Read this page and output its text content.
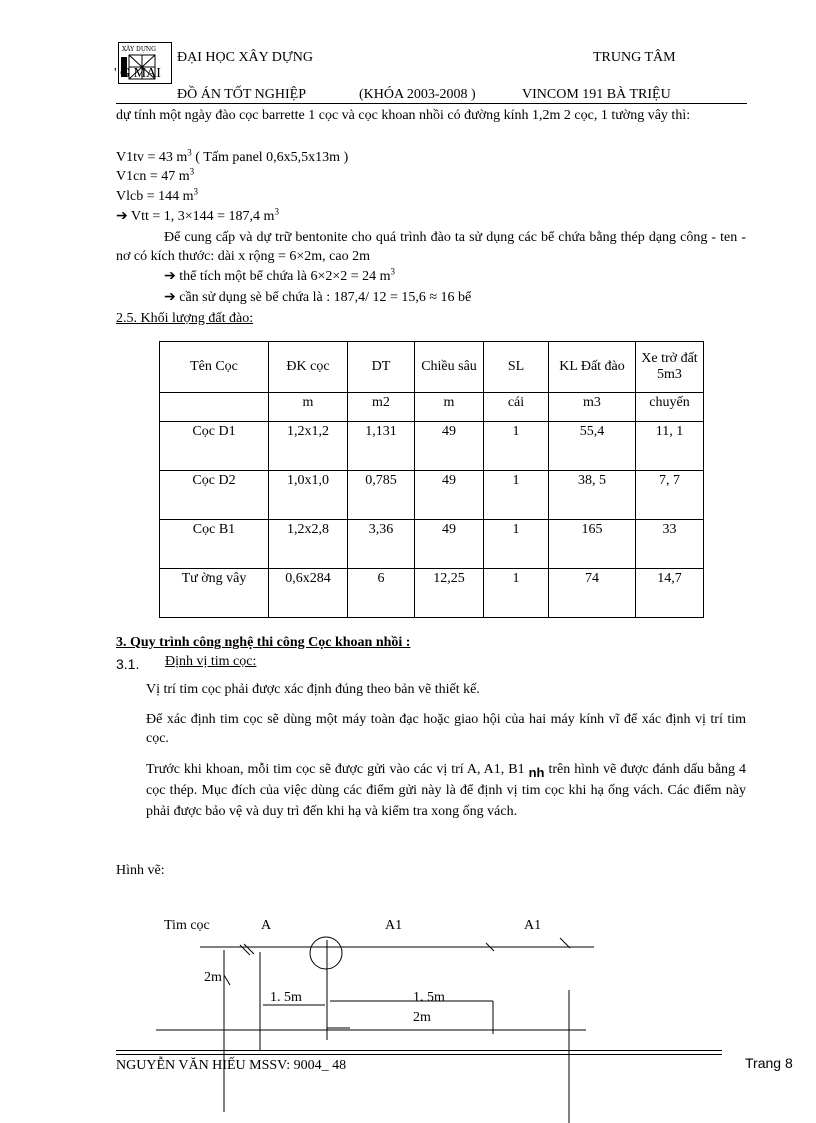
XÂY DỰNG
ĐẠI HỌC XÂY DỰNG
' G MẠI
TRUNG TÂM
ĐỒ ÁN TỐT NGHIỆP	(KHÓA 2003-2008 )	VINCOM 191 BÀ TRIỆU
dự tính một ngày đào cọc barrette 1 cọc và cọc khoan nhồi có đường kính 1,2m 2 cọc, 1 tường vây thì:
V1tv = 43 $m^3$ ( Tấm panel 0,6x5,5x13m )
V1cn = 47 $m^3$
Vlcb = 144 $m^3$
➔ Vtt = 1, 3×144 = 187,4 $m^3$
Để cung cấp và dự trữ bentonite cho quá trình đào ta sử dụng các bể chứa bằng thép dạng công - ten - nơ có kích thước: dài x rộng = 6×2m, cao 2m
➔ thể tích một bể chứa là 6×2×2 = 24 $m^3$
➔ cần sử dụng sè bể chứa là : 187,4/ 12 = 15,6 ≈ 16 bể
2.5. Khối lượng đất đào:
Tên Cọc	ĐK cọc	DT	Chiều sâu	SL	KL Đất đào	Xe trở đất 5m3
	m	m2	m	cái	m3	chuyến
Cọc D1	1,2x1,2	1,131	49	1	55,4	11, 1
Cọc D2	1,0x1,0	0,785	49	1	38, 5	7, 7
Cọc B1	1,2x2,8	3,36	49	1	165	33
Tư ờng vây	0,6x284	6	12,25	1	74	14,7
3. Quy trình công nghệ thi công Cọc khoan nhồi :
3.1. Định vị tim cọc:
Vị trí tim cọc phải được xác định đúng theo bản vẽ thiết kế.
Để xác định tim cọc sẽ dùng một máy toàn đạc hoặc giao hội của hai máy kính vĩ để xác định vị trí tim cọc.
Trước khi khoan, mỗi tim cọc sẽ được gửi vào các vị trí A, A1, B1 nh trên hình vẽ được đánh dấu bằng 4 cọc thép. Mục đích của việc dùng các điểm gửi này là để định vị tim cọc khi hạ ống vách. Các điểm này phải được bảo vệ và duy trì đến khi hạ và kiểm tra xong ống vách.
Hình vẽ:
Tim cọc	A	A1	A1
2m
1. 5m	1. 5m
2m
NGUYỄN VĂN HIẾU MSSV: 9004_ 48	Trang 8
